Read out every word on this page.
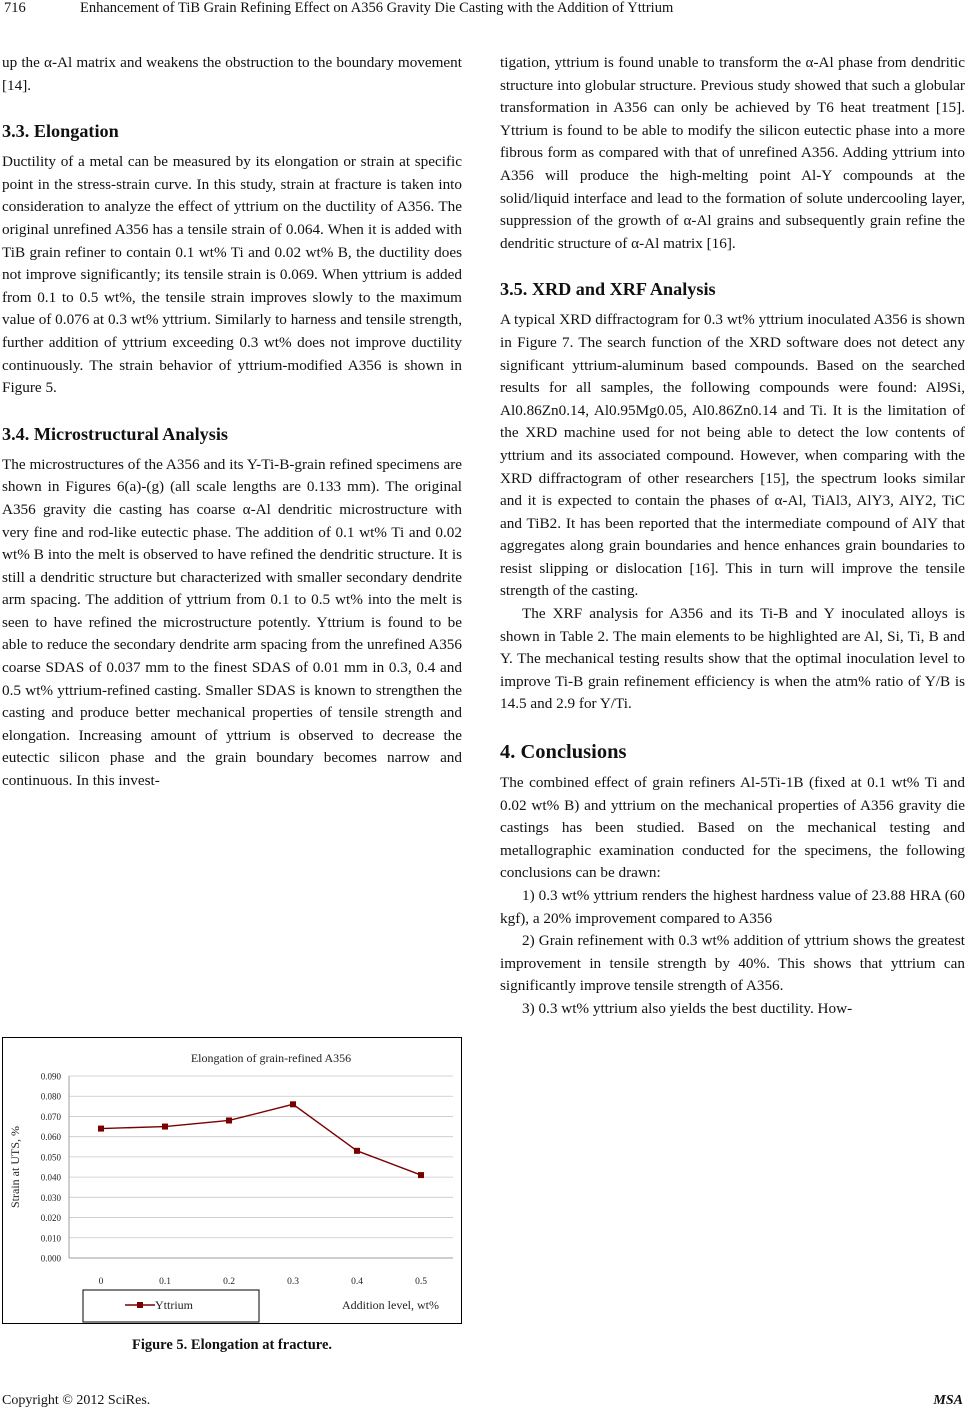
716	Enhancement of TiB Grain Refining Effect on A356 Gravity Die Casting with the Addition of Yttrium

up the α-Al matrix and weakens the obstruction to the boundary movement [14].

3.3. Elongation

Ductility of a metal can be measured by its elongation or strain at specific point in the stress-strain curve. In this study, strain at fracture is taken into consideration to analyze the effect of yttrium on the ductility of A356. The original unrefined A356 has a tensile strain of 0.064. When it is added with TiB grain refiner to contain 0.1 wt% Ti and 0.02 wt% B, the ductility does not improve significantly; its tensile strain is 0.069. When yttrium is added from 0.1 to 0.5 wt%, the tensile strain improves slowly to the maximum value of 0.076 at 0.3 wt% yttrium. Similarly to harness and tensile strength, further addition of yttrium exceeding 0.3 wt% does not improve ductility continuously. The strain behavior of yttrium-modified A356 is shown in Figure 5.

3.4. Microstructural Analysis

The microstructures of the A356 and its Y-Ti-B-grain refined specimens are shown in Figures 6(a)-(g) (all scale lengths are 0.133 mm). The original A356 gravity die casting has coarse α-Al dendritic microstructure with very fine and rod-like eutectic phase. The addition of 0.1 wt% Ti and 0.02 wt% B into the melt is observed to have refined the dendritic structure. It is still a dendritic structure but characterized with smaller secondary dendrite arm spacing. The addition of yttrium from 0.1 to 0.5 wt% into the melt is seen to have refined the microstructure potently. Yttrium is found to be able to reduce the secondary dendrite arm spacing from the unrefined A356 coarse SDAS of 0.037 mm to the finest SDAS of 0.01 mm in 0.3, 0.4 and 0.5 wt% yttrium-refined casting. Smaller SDAS is known to strengthen the casting and produce better mechanical properties of tensile strength and elongation. Increasing amount of yttrium is observed to decrease the eutectic silicon phase and the grain boundary becomes narrow and continuous. In this invest-

Elongation of grain-refined A356
0.000
0.010
0.020
0.030
0.040
0.050
0.060
0.070
0.080
0.090
0	0.1	0.2	0.3	0.4	0.5
Strain at UTS, %
Addition level, wt%
Yttrium
Figure 5. Elongation at fracture.

tigation, yttrium is found unable to transform the α-Al phase from dendritic structure into globular structure. Previous study showed that such a globular transformation in A356 can only be achieved by T6 heat treatment [15]. Yttrium is found to be able to modify the silicon eutectic phase into a more fibrous form as compared with that of unrefined A356. Adding yttrium into A356 will produce the high-melting point Al-Y compounds at the solid/liquid interface and lead to the formation of solute undercooling layer, suppression of the growth of α-Al grains and subsequently grain refine the dendritic structure of α-Al matrix [16].

3.5. XRD and XRF Analysis

A typical XRD diffractogram for 0.3 wt% yttrium inoculated A356 is shown in Figure 7. The search function of the XRD software does not detect any significant yttrium-aluminum based compounds. Based on the searched results for all samples, the following compounds were found: Al9Si, Al0.86Zn0.14, Al0.95Mg0.05, Al0.86Zn0.14 and Ti. It is the limitation of the XRD machine used for not being able to detect the low contents of yttrium and its associated compound. However, when comparing with the XRD diffractogram of other researchers [15], the spectrum looks similar and it is expected to contain the phases of α-Al, TiAl3, AlY3, AlY2, TiC and TiB2. It has been reported that the intermediate compound of AlY that aggregates along grain boundaries and hence enhances grain boundaries to resist slipping or dislocation [16]. This in turn will improve the tensile strength of the casting.

The XRF analysis for A356 and its Ti-B and Y inoculated alloys is shown in Table 2. The main elements to be highlighted are Al, Si, Ti, B and Y. The mechanical testing results show that the optimal inoculation level to improve Ti-B grain refinement efficiency is when the atm% ratio of Y/B is 14.5 and 2.9 for Y/Ti.

4. Conclusions

The combined effect of grain refiners Al-5Ti-1B (fixed at 0.1 wt% Ti and 0.02 wt% B) and yttrium on the mechanical properties of A356 gravity die castings has been studied. Based on the mechanical testing and metallographic examination conducted for the specimens, the following conclusions can be drawn:

1) 0.3 wt% yttrium renders the highest hardness value of 23.88 HRA (60 kgf), a 20% improvement compared to A356

2) Grain refinement with 0.3 wt% addition of yttrium shows the greatest improvement in tensile strength by 40%. This shows that yttrium can significantly improve tensile strength of A356.

3) 0.3 wt% yttrium also yields the best ductility. How-

Copyright © 2012 SciRes.	MSA
